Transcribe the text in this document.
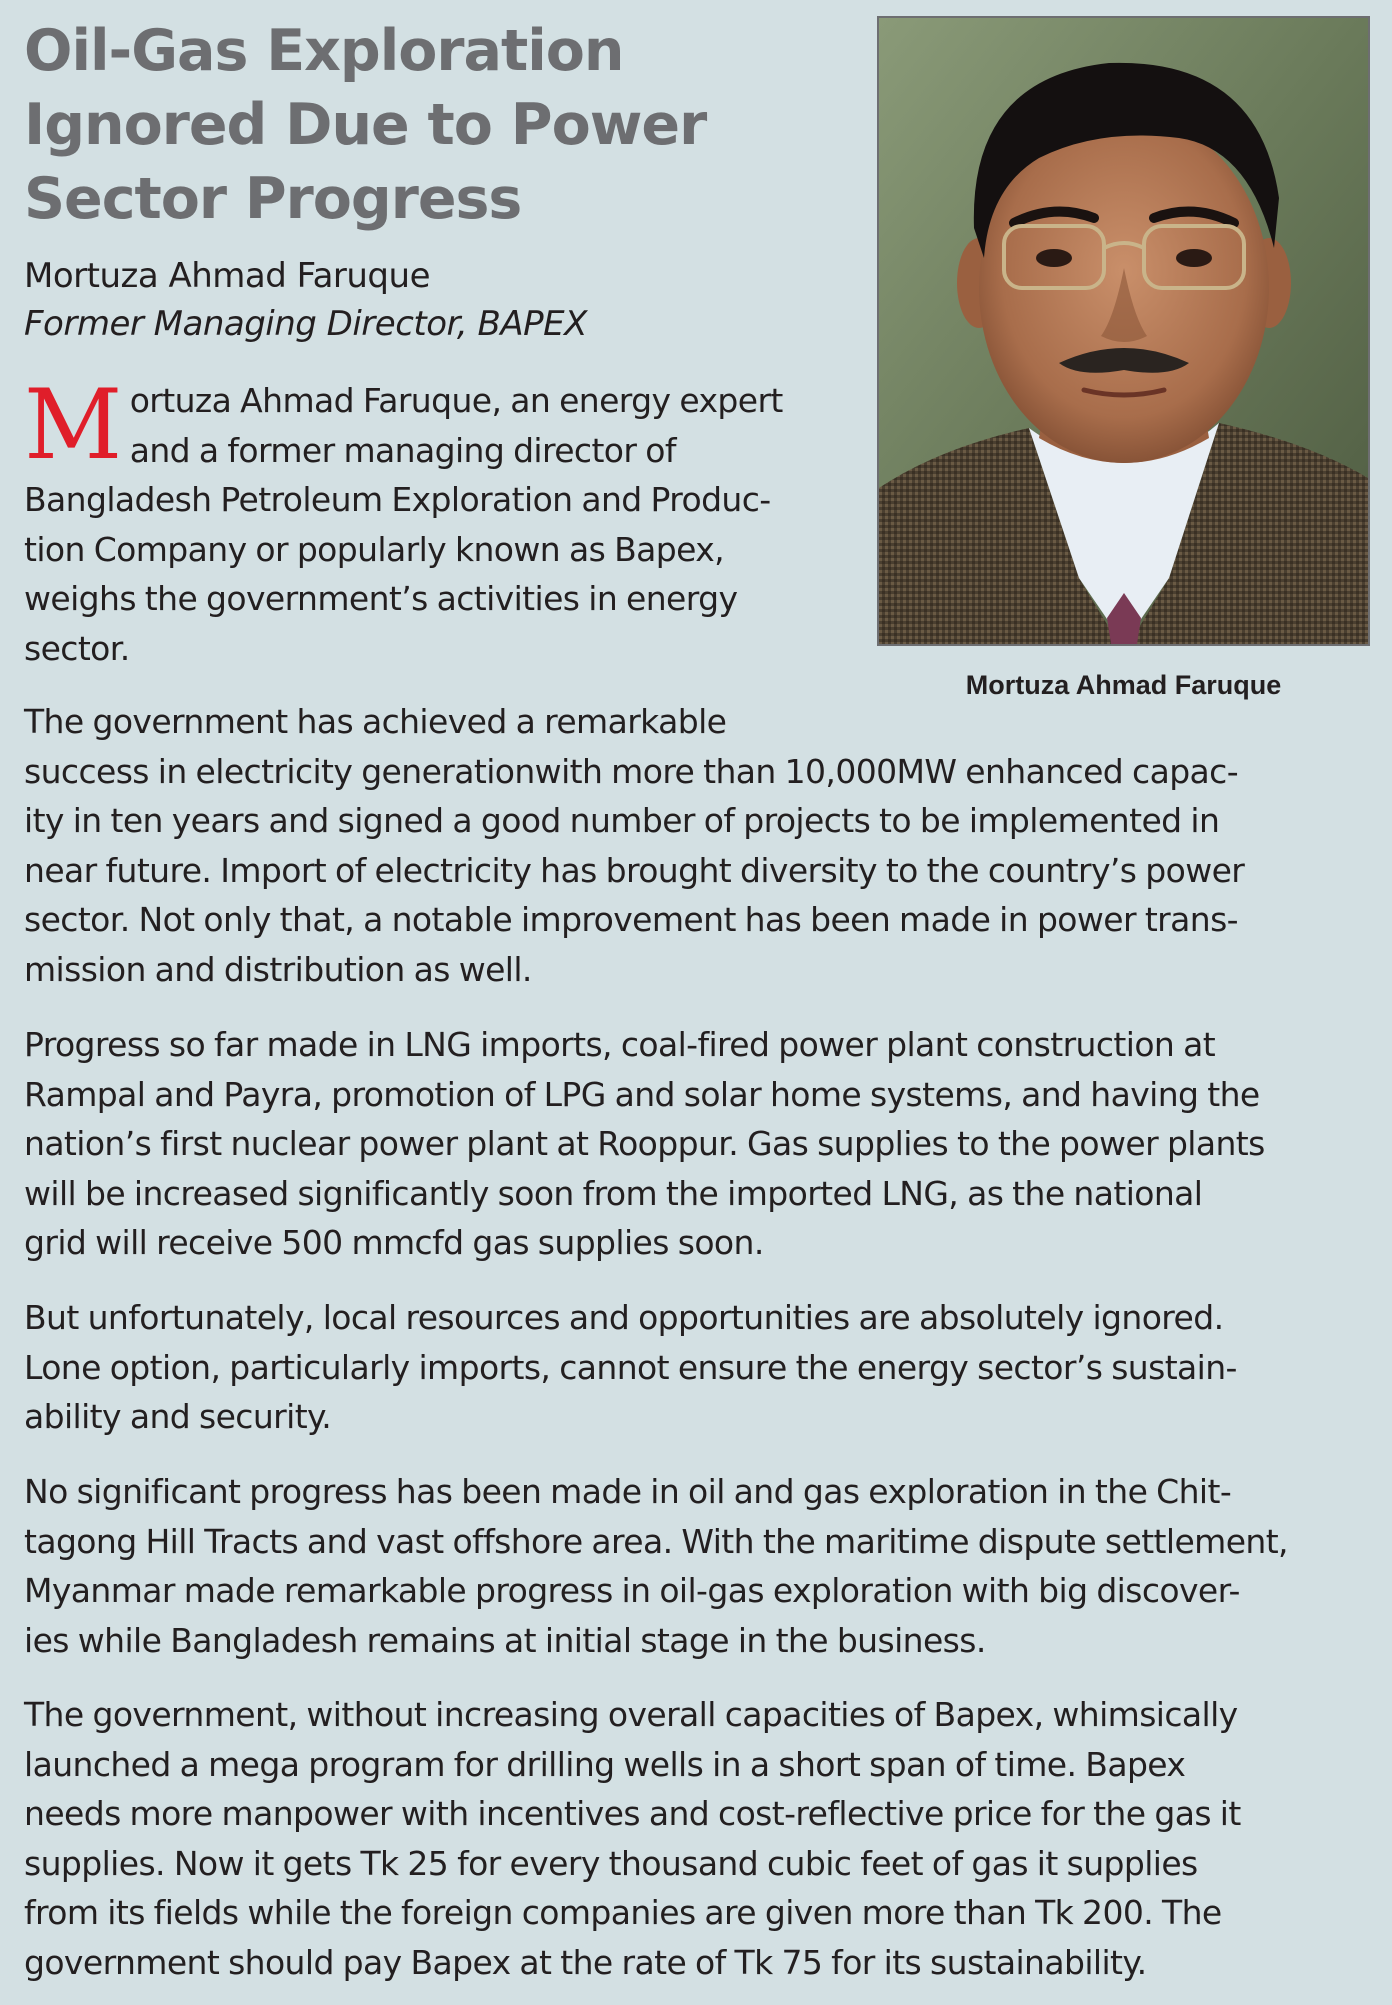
Oil-Gas Exploration
Ignored Due to Power
Sector Progress
Mortuza Ahmad Faruque
Former Managing Director, BAPEX
Mortuza Ahmad Faruque
M ortuza Ahmad Faruque, an energy expert
and a former managing director of
Bangladesh Petroleum Exploration and Produc-
tion Company or popularly known as Bapex,
weighs the government’s activities in energy
sector.
The government has achieved a remarkable
success in electricity generationwith more than 10,000MW enhanced capac-
ity in ten years and signed a good number of projects to be implemented in
near future. Import of electricity has brought diversity to the country’s power
sector. Not only that, a notable improvement has been made in power trans-
mission and distribution as well.
Progress so far made in LNG imports, coal-fired power plant construction at
Rampal and Payra, promotion of LPG and solar home systems, and having the
nation’s first nuclear power plant at Rooppur. Gas supplies to the power plants
will be increased significantly soon from the imported LNG, as the national
grid will receive 500 mmcfd gas supplies soon.
But unfortunately, local resources and opportunities are absolutely ignored.
Lone option, particularly imports, cannot ensure the energy sector’s sustain-
ability and security.
No significant progress has been made in oil and gas exploration in the Chit-
tagong Hill Tracts and vast offshore area. With the maritime dispute settlement,
Myanmar made remarkable progress in oil-gas exploration with big discover-
ies while Bangladesh remains at initial stage in the business.
The government, without increasing overall capacities of Bapex, whimsically
launched a mega program for drilling wells in a short span of time. Bapex
needs more manpower with incentives and cost-reflective price for the gas it
supplies. Now it gets Tk 25 for every thousand cubic feet of gas it supplies
from its fields while the foreign companies are given more than Tk 200. The
government should pay Bapex at the rate of Tk 75 for its sustainability.
